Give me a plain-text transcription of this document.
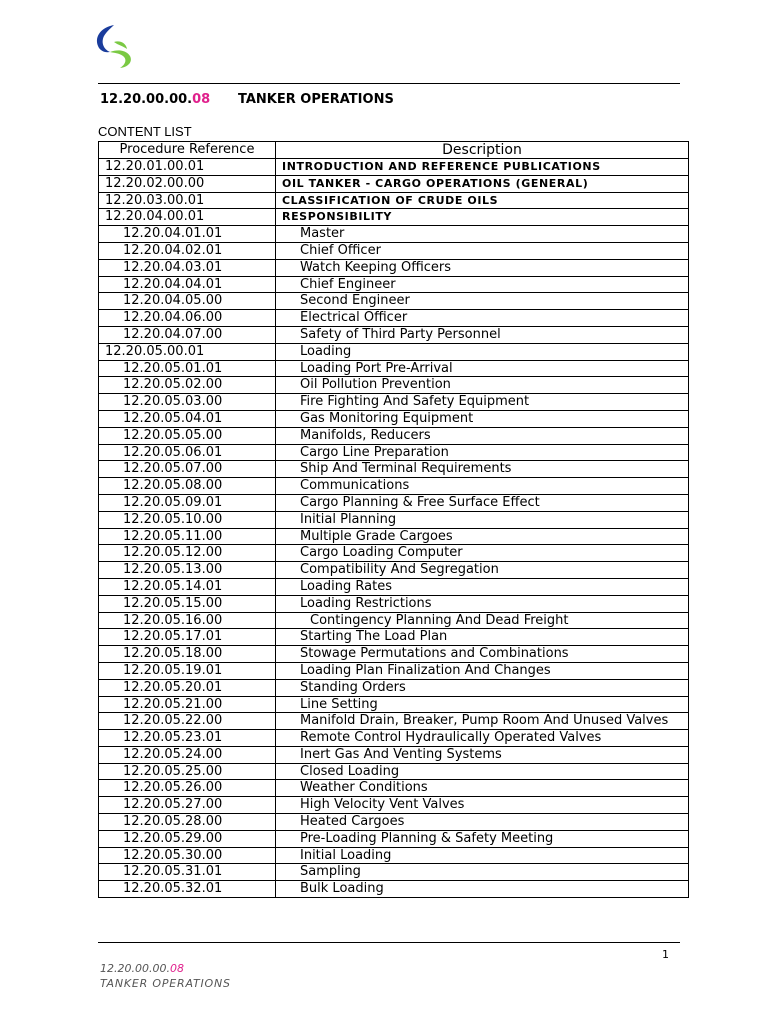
12.20.00.00.08 TANKER OPERATIONS
CONTENT LIST
Procedure Reference	Description
12.20.01.00.01	INTRODUCTION AND REFERENCE PUBLICATIONS
12.20.02.00.00	OIL TANKER - CARGO OPERATIONS (GENERAL)
12.20.03.00.01	CLASSIFICATION OF CRUDE OILS
12.20.04.00.01	RESPONSIBILITY
12.20.04.01.01	Master
12.20.04.02.01	Chief Officer
12.20.04.03.01	Watch Keeping Officers
12.20.04.04.01	Chief Engineer
12.20.04.05.00	Second Engineer
12.20.04.06.00	Electrical Officer
12.20.04.07.00	Safety of Third Party Personnel
12.20.05.00.01	Loading
12.20.05.01.01	Loading Port Pre-Arrival
12.20.05.02.00	Oil Pollution Prevention
12.20.05.03.00	Fire Fighting And Safety Equipment
12.20.05.04.01	Gas Monitoring Equipment
12.20.05.05.00	Manifolds, Reducers
12.20.05.06.01	Cargo Line Preparation
12.20.05.07.00	Ship And Terminal Requirements
12.20.05.08.00	Communications
12.20.05.09.01	Cargo Planning & Free Surface Effect
12.20.05.10.00	Initial Planning
12.20.05.11.00	Multiple Grade Cargoes
12.20.05.12.00	Cargo Loading Computer
12.20.05.13.00	Compatibility And Segregation
12.20.05.14.01	Loading Rates
12.20.05.15.00	Loading Restrictions
12.20.05.16.00	Contingency Planning And Dead Freight
12.20.05.17.01	Starting The Load Plan
12.20.05.18.00	Stowage Permutations and Combinations
12.20.05.19.01	Loading Plan Finalization And Changes
12.20.05.20.01	Standing Orders
12.20.05.21.00	Line Setting
12.20.05.22.00	Manifold Drain, Breaker, Pump Room And Unused Valves
12.20.05.23.01	Remote Control Hydraulically Operated Valves
12.20.05.24.00	Inert Gas And Venting Systems
12.20.05.25.00	Closed Loading
12.20.05.26.00	Weather Conditions
12.20.05.27.00	High Velocity Vent Valves
12.20.05.28.00	Heated Cargoes
12.20.05.29.00	Pre-Loading Planning & Safety Meeting
12.20.05.30.00	Initial Loading
12.20.05.31.01	Sampling
12.20.05.32.01	Bulk Loading
1
12.20.00.00.08
TANKER OPERATIONS
